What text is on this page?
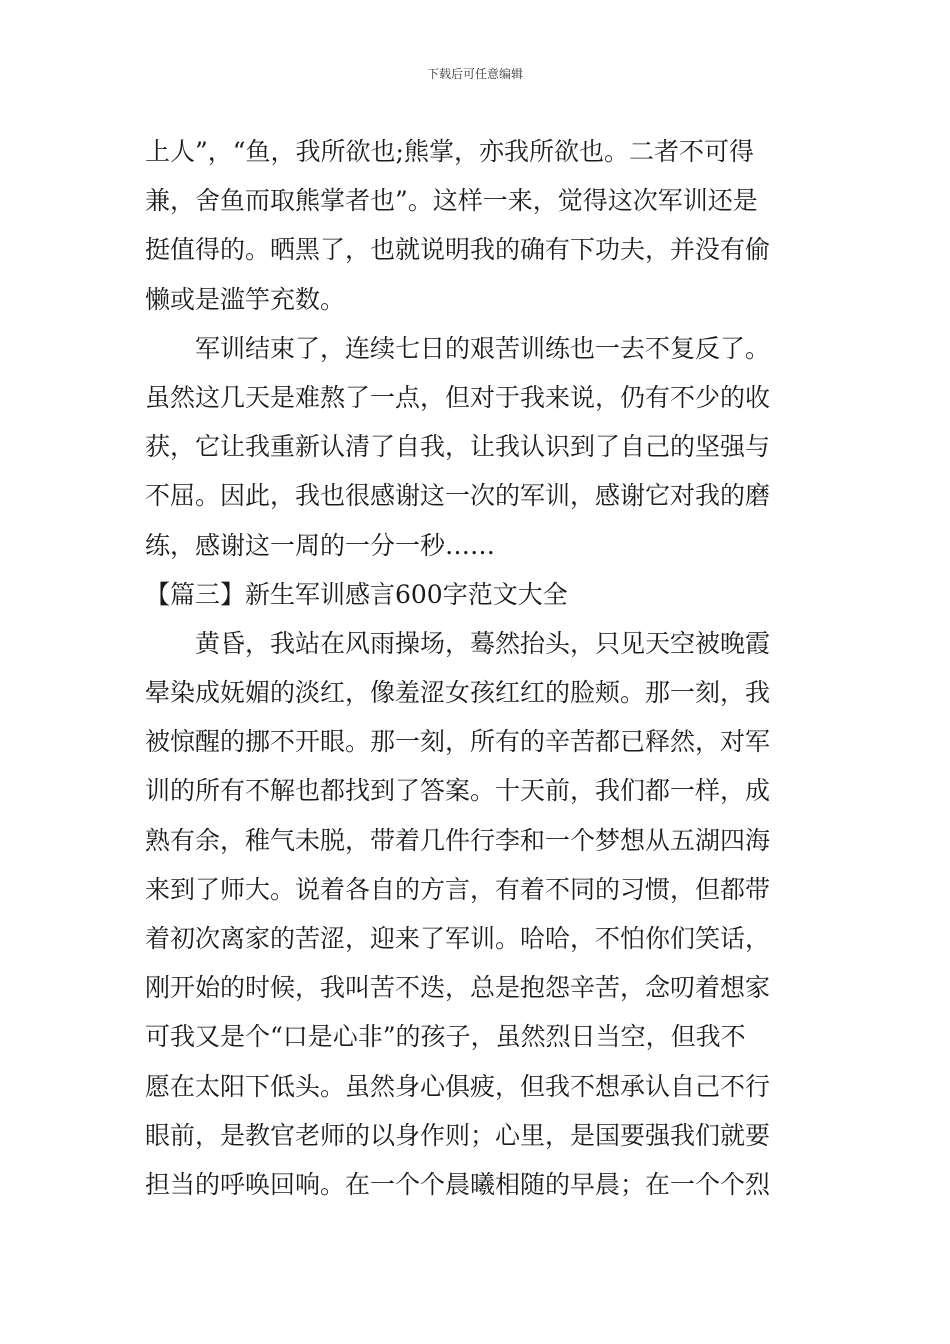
下载后可任意编辑
上人”，“鱼，我所欲也;熊掌，亦我所欲也。二者不可得
兼，舍鱼而取熊掌者也”。这样一来，觉得这次军训还是
挺值得的。晒黑了，也就说明我的确有下功夫，并没有偷
懒或是滥竽充数。
军训结束了，连续七日的艰苦训练也一去不复反了。
虽然这几天是难熬了一点，但对于我来说，仍有不少的收
获，它让我重新认清了自我，让我认识到了自己的坚强与
不屈。因此，我也很感谢这一次的军训，感谢它对我的磨
练，感谢这一周的一分一秒……
【篇三】新生军训感言600字范文大全
黄昏，我站在风雨操场，蓦然抬头，只见天空被晚霞
晕染成妩媚的淡红，像羞涩女孩红红的脸颊。那一刻，我
被惊醒的挪不开眼。那一刻，所有的辛苦都已释然，对军
训的所有不解也都找到了答案。十天前，我们都一样，成
熟有余，稚气未脱，带着几件行李和一个梦想从五湖四海
来到了师大。说着各自的方言，有着不同的习惯，但都带
着初次离家的苦涩，迎来了军训。哈哈，不怕你们笑话，
刚开始的时候，我叫苦不迭，总是抱怨辛苦，念叨着想家
可我又是个“口是心非”的孩子，虽然烈日当空，但我不
愿在太阳下低头。虽然身心俱疲，但我不想承认自己不行
眼前，是教官老师的以身作则；心里，是国要强我们就要
担当的呼唤回响。在一个个晨曦相随的早晨；在一个个烈
